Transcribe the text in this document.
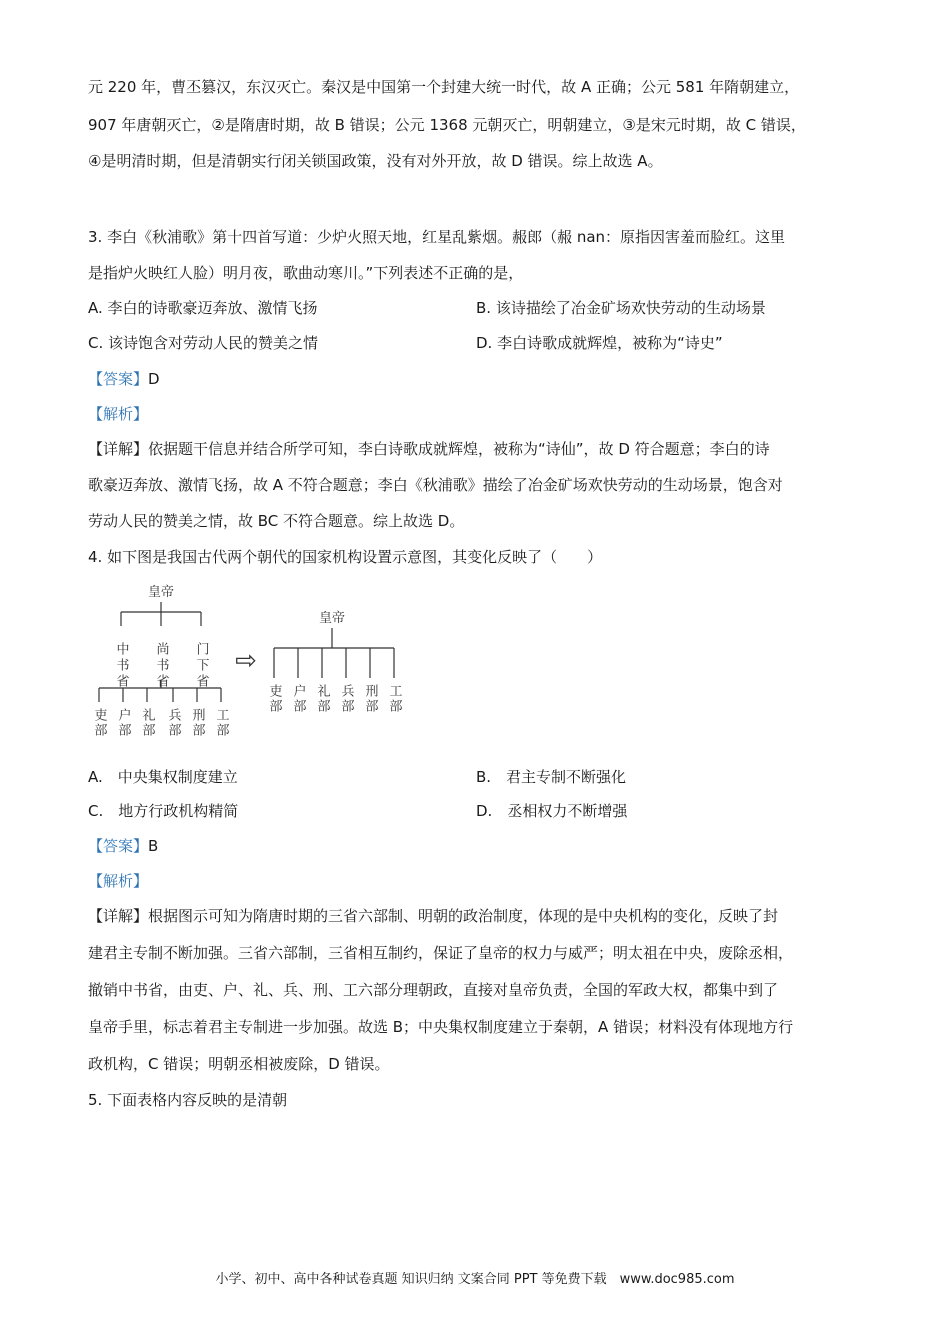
元 220 年，曹丕篡汉，东汉灭亡。秦汉是中国第一个封建大统一时代，故 A 正确；公元 581 年隋朝建立，
907 年唐朝灭亡，②是隋唐时期，故 B 错误；公元 1368 元朝灭亡，明朝建立，③是宋元时期，故 C 错误，
④是明清时期，但是清朝实行闭关锁国政策，没有对外开放，故 D 错误。综上故选 A。
3. 李白《秋浦歌》第十四首写道：少炉火照天地，红星乱紫烟。赧郎（赧 nan：原指因害羞而脸红。这里
是指炉火映红人脸）明月夜，歌曲动寒川。”下列表述不正确的是，
A. 李白的诗歌豪迈奔放、激情飞扬	B. 该诗描绘了冶金矿场欢快劳动的生动场景
C. 该诗饱含对劳动人民的赞美之情	D. 李白诗歌成就辉煌，被称为“诗史”
【答案】D
【解析】
【详解】依据题干信息并结合所学可知，李白诗歌成就辉煌，被称为“诗仙”，故 D 符合题意；李白的诗
歌豪迈奔放、激情飞扬，故 A 不符合题意；李白《秋浦歌》描绘了冶金矿场欢快劳动的生动场景，饱含对
劳动人民的赞美之情，故 BC 不符合题意。综上故选 D。
4. 如下图是我国古代两个朝代的国家机构设置示意图，其变化反映了（　　）
皇帝
中书省 尚书省 门下省
吏部 户部 礼部 兵部 刑部 工部
⇨
皇帝
吏部 户部 礼部 兵部 刑部 工部
A.　中央集权制度建立	B.　君主专制不断强化
C.　地方行政机构精简	D.　丞相权力不断增强
【答案】B
【解析】
【详解】根据图示可知为隋唐时期的三省六部制、明朝的政治制度，体现的是中央机构的变化，反映了封
建君主专制不断加强。三省六部制，三省相互制约，保证了皇帝的权力与威严；明太祖在中央，废除丞相，
撤销中书省，由吏、户、礼、兵、刑、工六部分理朝政，直接对皇帝负责，全国的军政大权，都集中到了
皇帝手里，标志着君主专制进一步加强。故选 B；中央集权制度建立于秦朝，A 错误；材料没有体现地方行
政机构，C 错误；明朝丞相被废除，D 错误。
5. 下面表格内容反映的是清朝
小学、初中、高中各种试卷真题 知识归纳 文案合同 PPT 等免费下载　www.doc985.com
